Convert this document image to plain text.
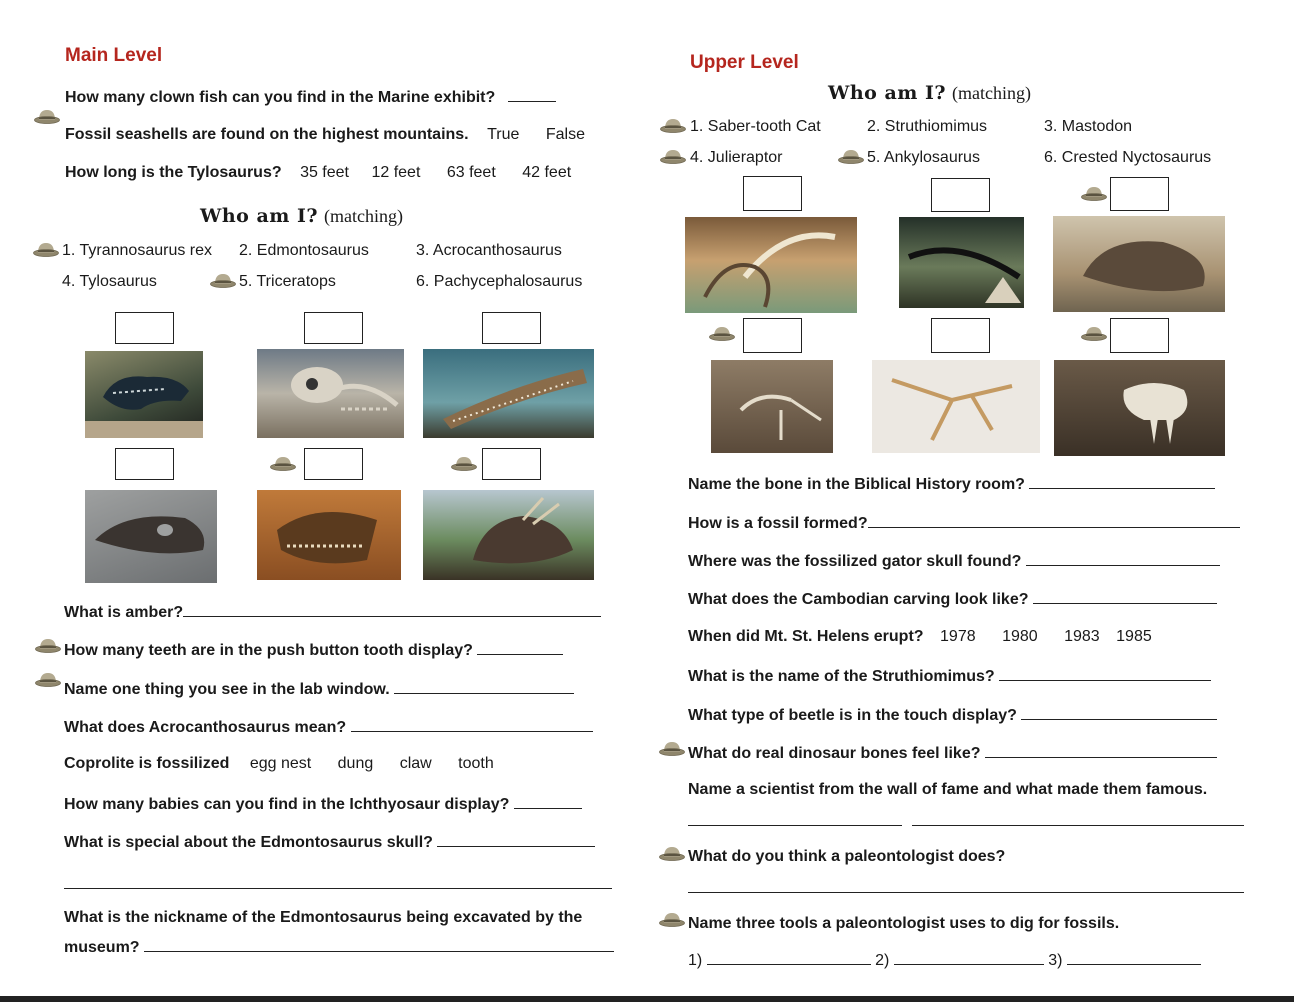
Main Level
How many clown fish can you find in the Marine exhibit?
Fossil seashells are found on the highest mountains. True False
How long is the Tylosaurus? 35 feet 12 feet 63 feet 42 feet
Who am I? (matching)
1. Tyrannosaurus rex 2. Edmontosaurus	3. Acrocanthosaurus
4. Tylosaurus	5. Triceratops	6. Pachycephalosaurus
What is amber?
How many teeth are in the push button tooth display?
Name one thing you see in the lab window.
What does Acrocanthosaurus mean?
Coprolite is fossilized egg nest dung claw tooth
How many babies can you find in the Ichthyosaur display?
What is special about the Edmontosaurus skull?
What is the nickname of the Edmontosaurus being excavated by the
museum?
Upper Level
Who am I? (matching)
1. Saber-tooth Cat	2. Struthiomimus	3. Mastodon
4. Julieraptor	5. Ankylosaurus	6. Crested Nyctosaurus
Name the bone in the Biblical History room?
How is a fossil formed?
Where was the fossilized gator skull found?
What does the Cambodian carving look like?
When did Mt. St. Helens erupt? 1978 1980 1983 1985
What is the name of the Struthiomimus?
What type of beetle is in the touch display?
What do real dinosaur bones feel like?
Name a scientist from the wall of fame and what made them famous.
What do you think a paleontologist does?
Name three tools a paleontologist uses to dig for fossils.
1)	2)	3)
